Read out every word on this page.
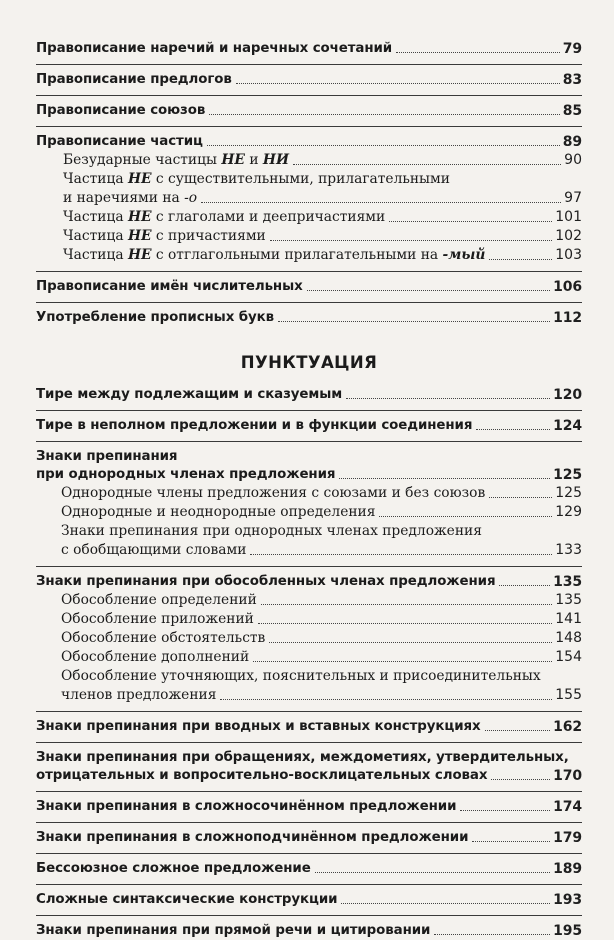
Правописание наречий и наречных сочетаний	79
Правописание предлогов	83
Правописание союзов	85
Правописание частиц	89
Безударные частицы НЕ и НИ	90
Частица НЕ с существительными, прилагательными
и наречиями на -о	97
Частица НЕ с глаголами и деепричастиями	101
Частица НЕ с причастиями	102
Частица НЕ с отглагольными прилагательными на -мый	103
Правописание имён числительных	106
Употребление прописных букв	112
ПУНКТУАЦИЯ
Тире между подлежащим и сказуемым	120
Тире в неполном предложении и в функции соединения	124
Знаки препинания
при однородных членах предложения	125
Однородные члены предложения с союзами и без союзов	125
Однородные и неоднородные определения	129
Знаки препинания при однородных членах предложения
с обобщающими словами	133
Знаки препинания при обособленных членах предложения	135
Обособление определений	135
Обособление приложений	141
Обособление обстоятельств	148
Обособление дополнений	154
Обособление уточняющих, пояснительных и присоединительных
членов предложения	155
Знаки препинания при вводных и вставных конструкциях	162
Знаки препинания при обращениях, междометиях, утвердительных,
отрицательных и вопросительно-восклицательных словах	170
Знаки препинания в сложносочинённом предложении	174
Знаки препинания в сложноподчинённом предложении	179
Бессоюзное сложное предложение	189
Сложные синтаксические конструкции	193
Знаки препинания при прямой речи и цитировании	195
